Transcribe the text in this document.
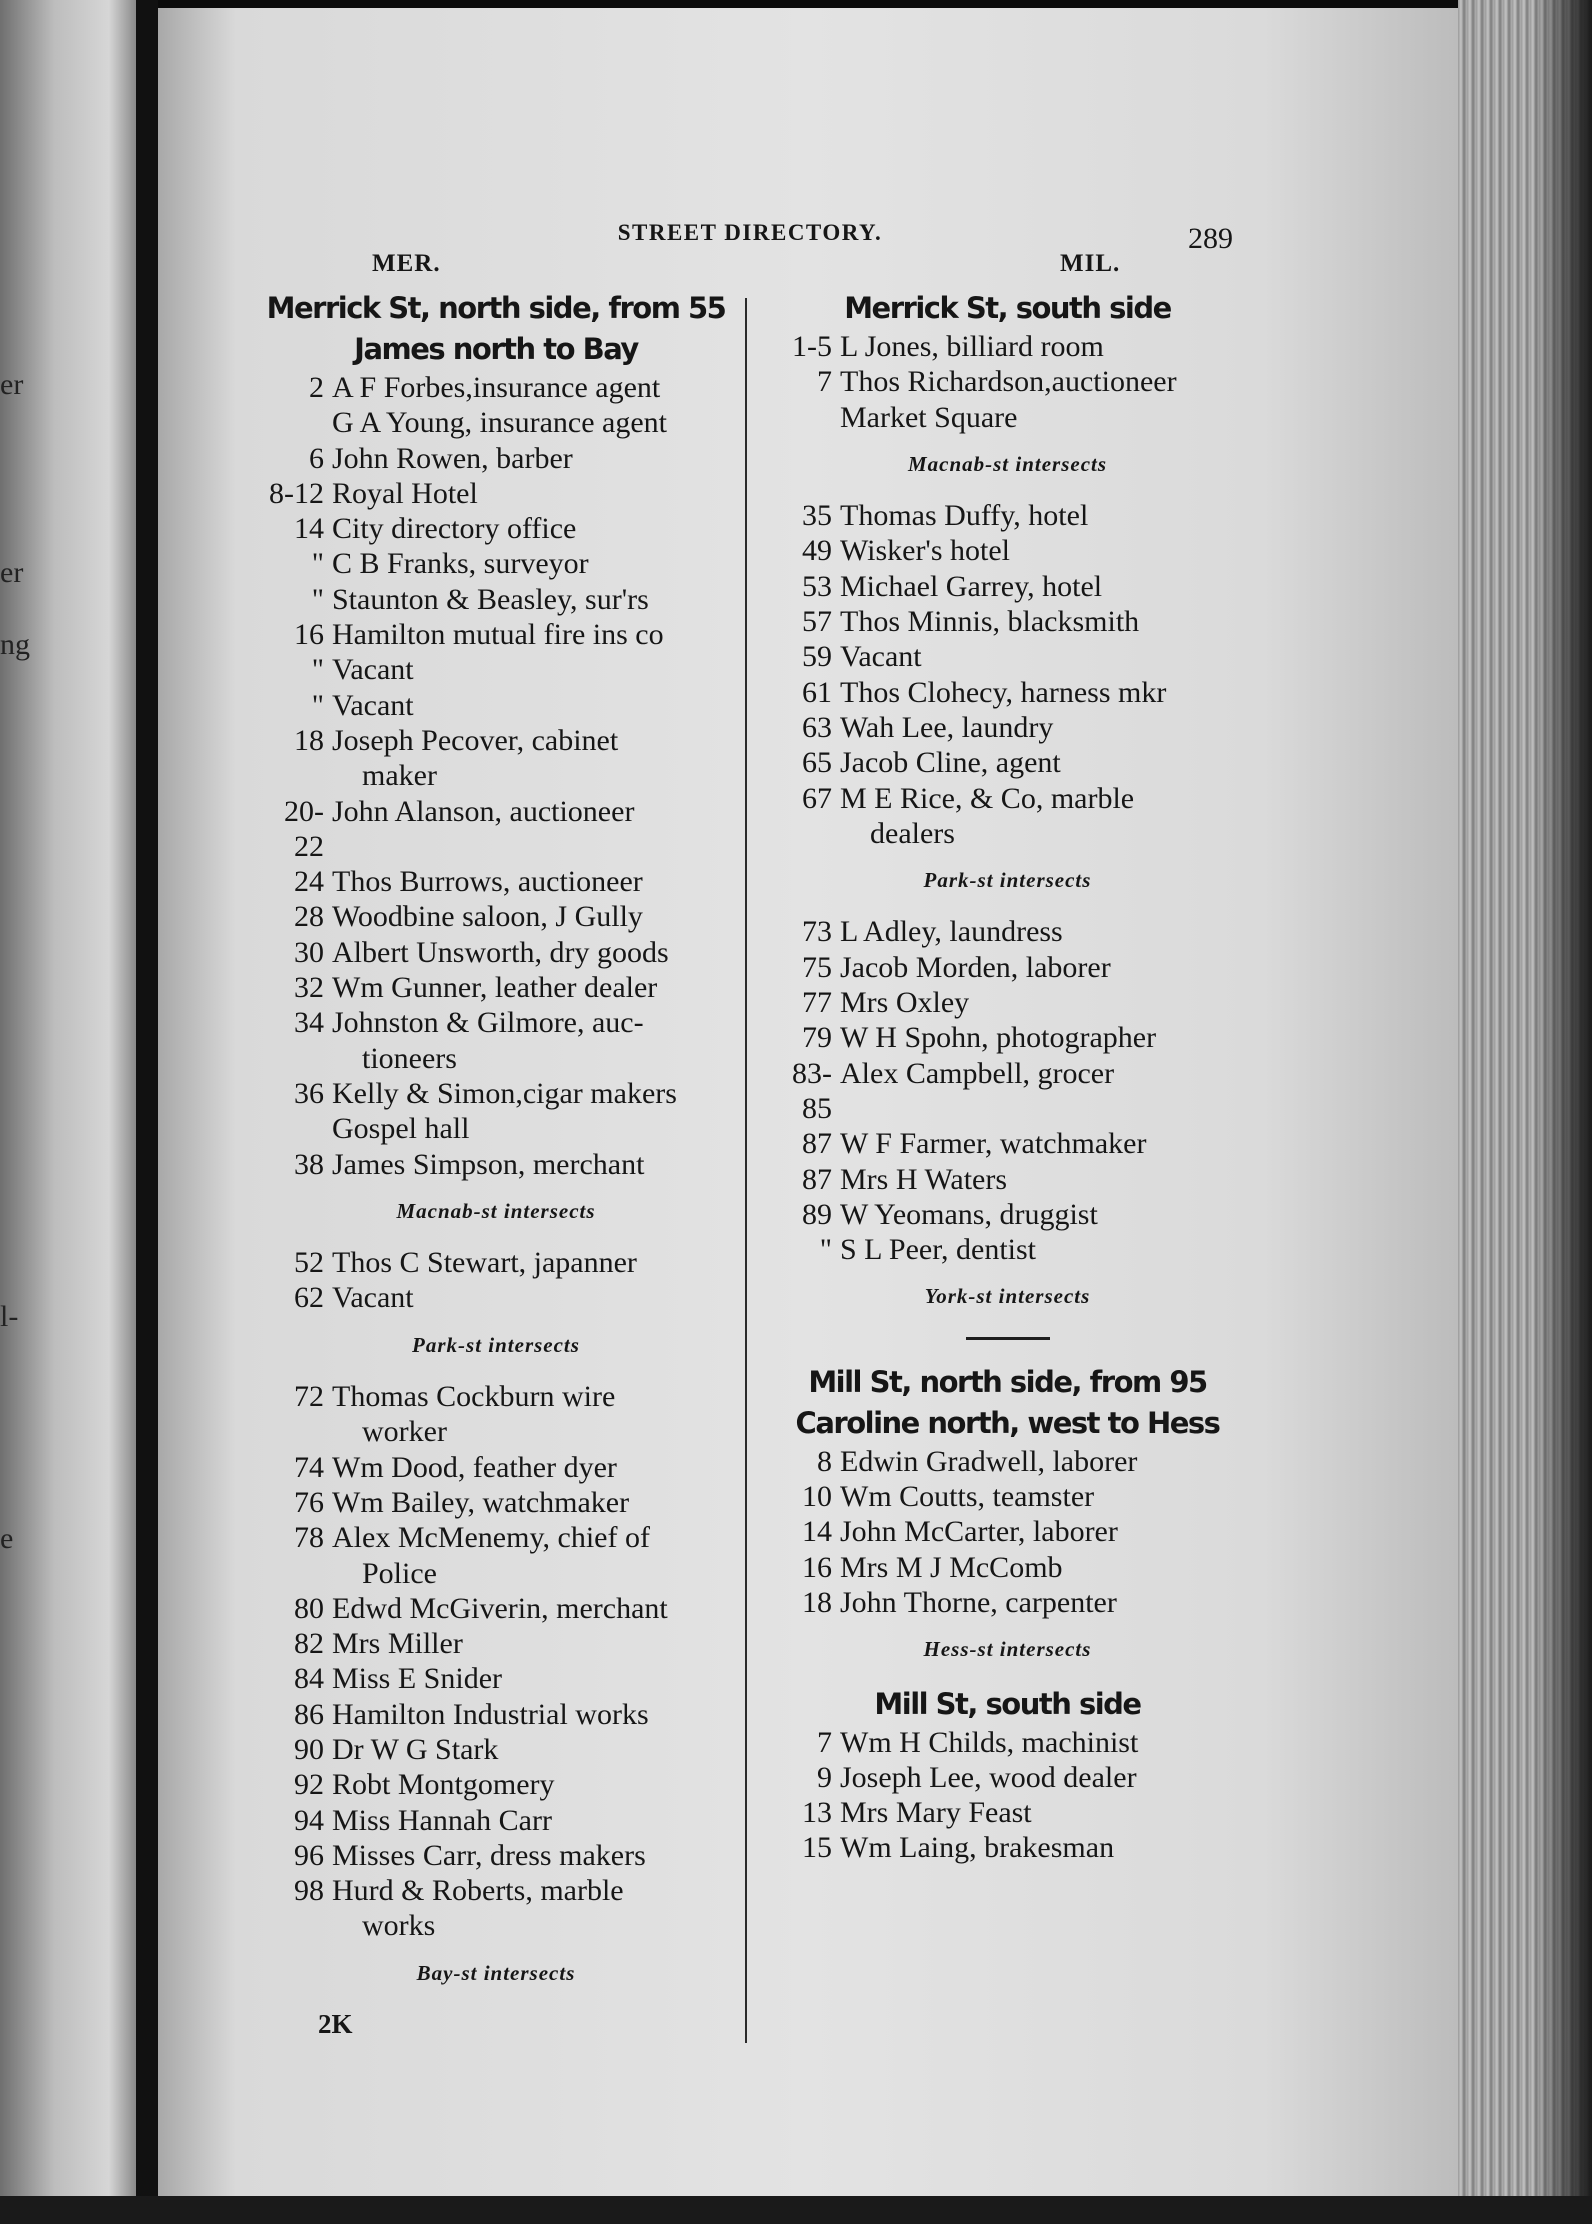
er
er
ng
l-
e
STREET DIRECTORY.	289
MER.	MIL.
Merrick St, north side, from 55 James north to Bay
2 A F Forbes,insurance agent
G A Young, insurance agent
6 John Rowen, barber
8-12 Royal Hotel
14 City directory office
" C B Franks, surveyor
" Staunton & Beasley, sur'rs
16 Hamilton mutual fire ins co
" Vacant
" Vacant
18 Joseph Pecover, cabinet
maker
20-22
John Alanson, auctioneer
24 Thos Burrows, auctioneer
28 Woodbine saloon, J Gully
30 Albert Unsworth, dry goods
32 Wm Gunner, leather dealer
34 Johnston & Gilmore, auc-
tioneers
36 Kelly & Simon,cigar makers
Gospel hall
38 James Simpson, merchant
Macnab-st intersects
52 Thos C Stewart, japanner
62 Vacant
Park-st intersects
72 Thomas Cockburn wire
worker
74 Wm Dood, feather dyer
76 Wm Bailey, watchmaker
78 Alex McMenemy, chief of
Police
80 Edwd McGiverin, merchant
82 Mrs Miller
84 Miss E Snider
86 Hamilton Industrial works
90 Dr W G Stark
92 Robt Montgomery
94 Miss Hannah Carr
96 Misses Carr, dress makers
98 Hurd & Roberts, marble
works
Bay-st intersects
2K
Merrick St, south side
1-5 L Jones, billiard room
7 Thos Richardson,auctioneer
Market Square
Macnab-st intersects
35 Thomas Duffy, hotel
49 Wisker's hotel
53 Michael Garrey, hotel
57 Thos Minnis, blacksmith
59 Vacant
61 Thos Clohecy, harness mkr
63 Wah Lee, laundry
65 Jacob Cline, agent
67 M E Rice, & Co, marble
dealers
Park-st intersects
73 L Adley, laundress
75 Jacob Morden, laborer
77 Mrs Oxley
79 W H Spohn, photographer
83-85
Alex Campbell, grocer
87 W F Farmer, watchmaker
87 Mrs H Waters
89 W Yeomans, druggist
" S L Peer, dentist
York-st intersects
Mill St, north side, from 95 Caroline north, west to Hess
8 Edwin Gradwell, laborer
10 Wm Coutts, teamster
14 John McCarter, laborer
16 Mrs M J McComb
18 John Thorne, carpenter
Hess-st intersects
Mill St, south side
7 Wm H Childs, machinist
9 Joseph Lee, wood dealer
13 Mrs Mary Feast
15 Wm Laing, brakesman
